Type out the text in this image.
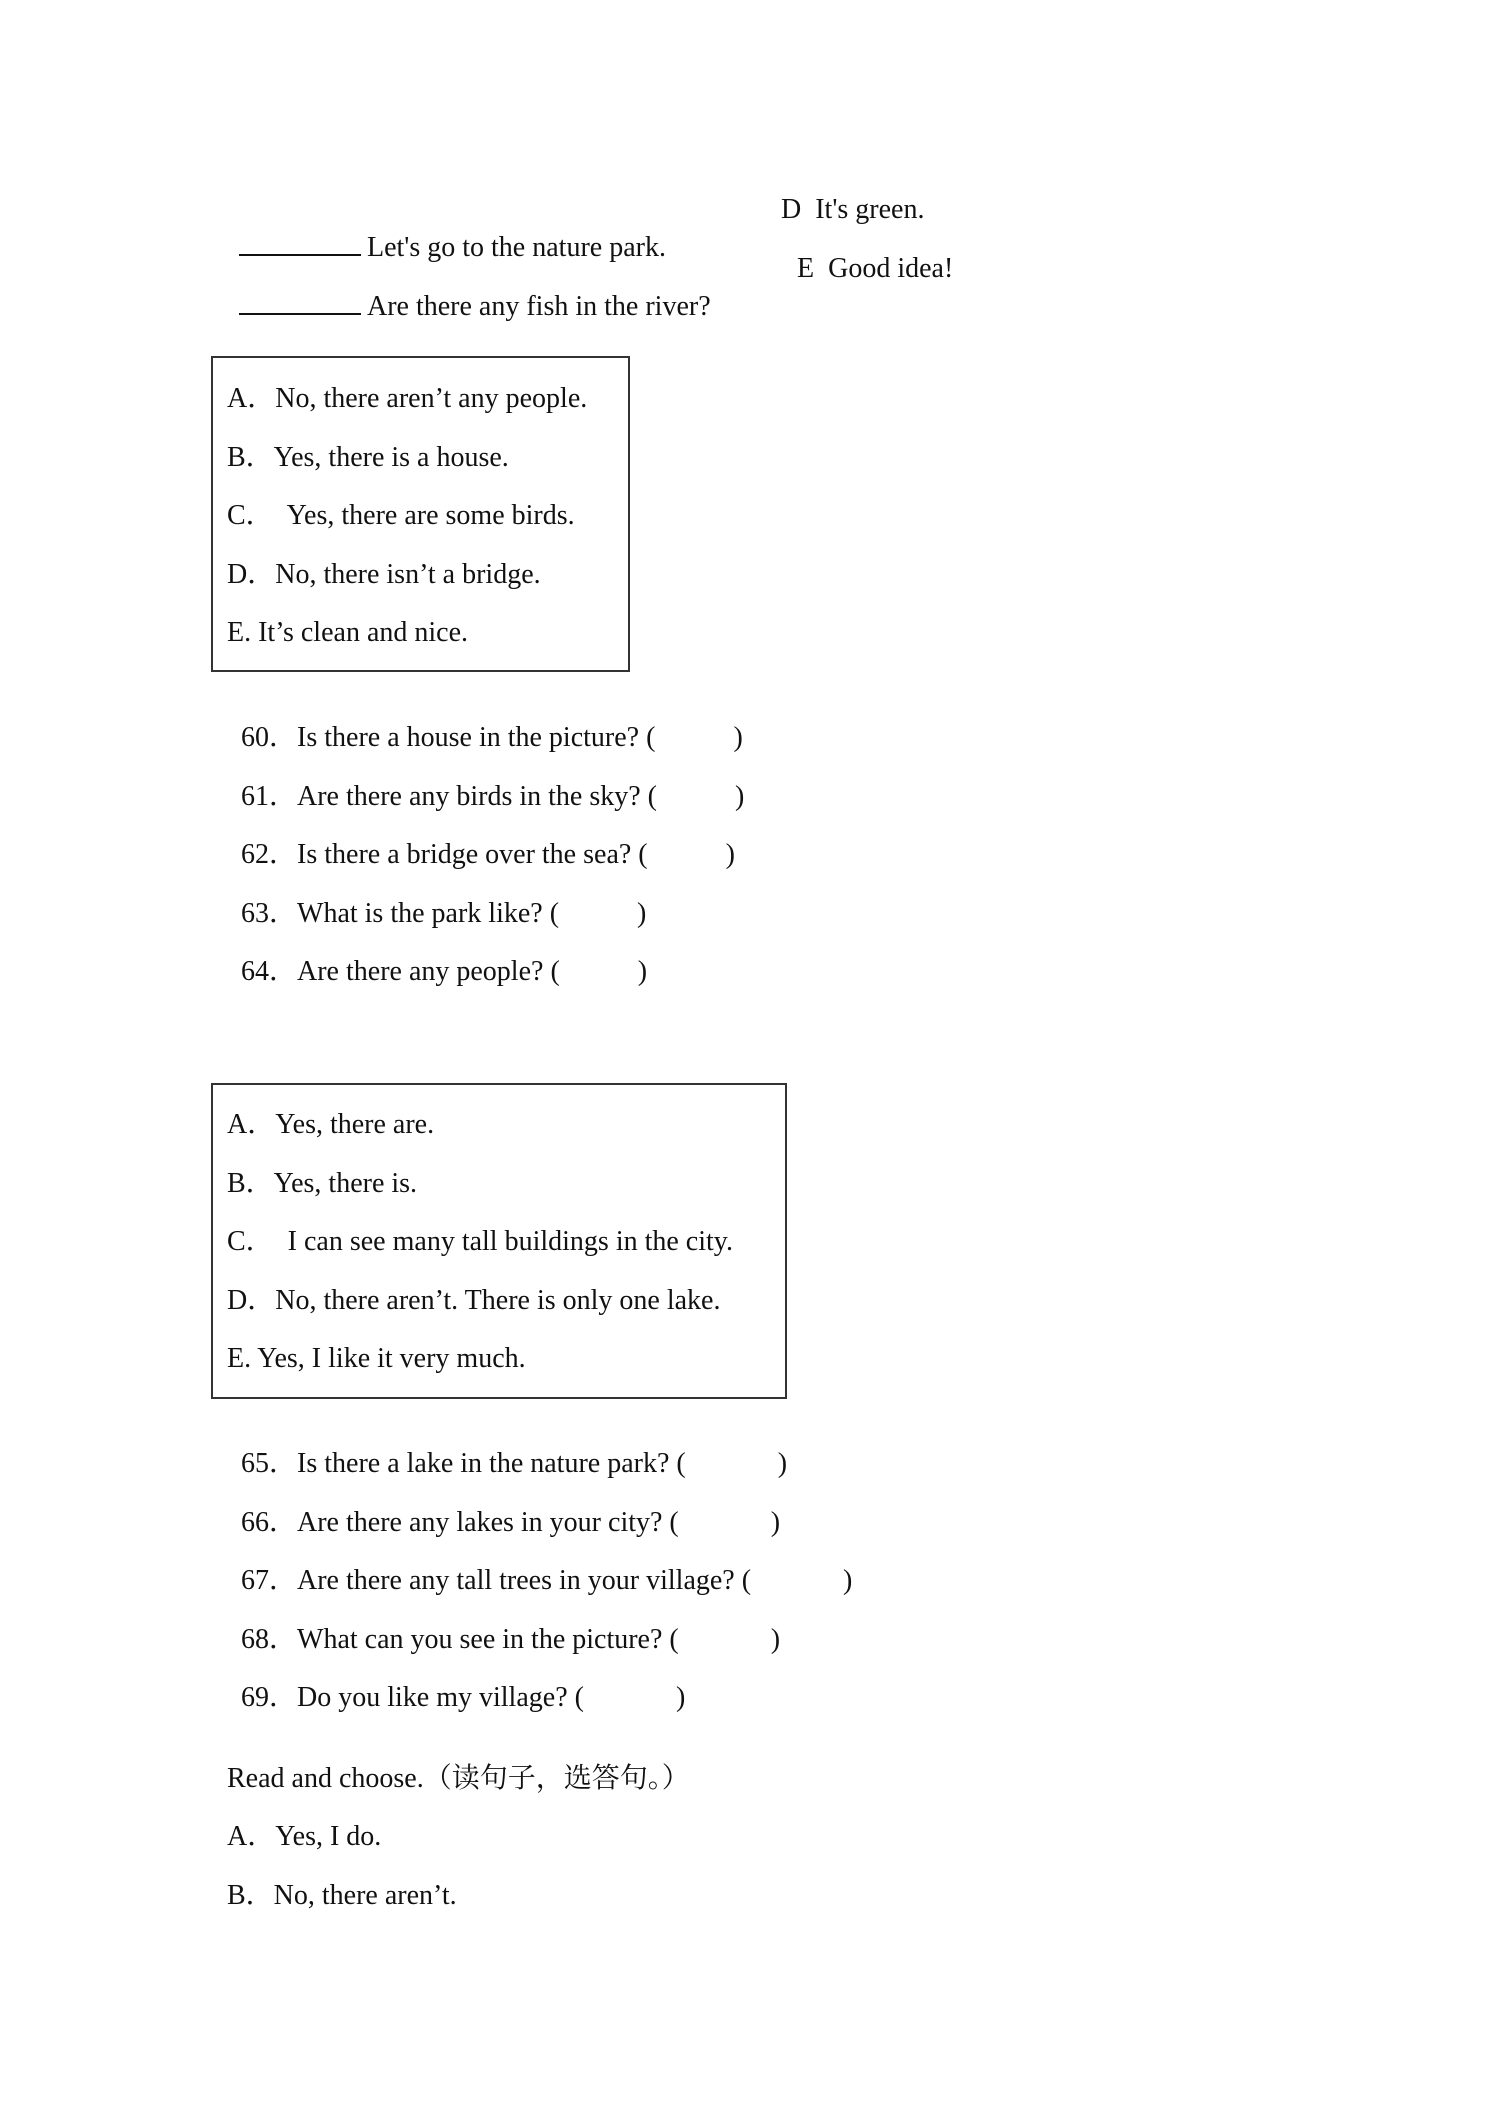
Let's go to the nature park.

D  It's green.

Are there any fish in the river?

E  Good idea!
A．No, there aren’t any people.
B．Yes, there is a house.
C．  Yes, there are some birds.
D．No, there isn’t a bridge.
E. It’s clean and nice.

60．Is there a house in the picture? (	)

61．Are there any birds in the sky? (	)

62．Is there a bridge over the sea? (	)

63．What is the park like? (	)

64．Are there any people? (	)

A．Yes, there are.
B．Yes, there is.
C．  I can see many tall buildings in the city.
D．No, there aren’t. There is only one lake.
E. Yes, I like it very much.

65．Is there a lake in the nature park? (	)

66．Are there any lakes in your city? (	)

67．Are there any tall trees in your village? (	)

68．What can you see in the picture? (	)

69．Do you like my village? (	)

Read and choose.（读句子，选答句。）
A．Yes, I do.
B．No, there aren’t.
